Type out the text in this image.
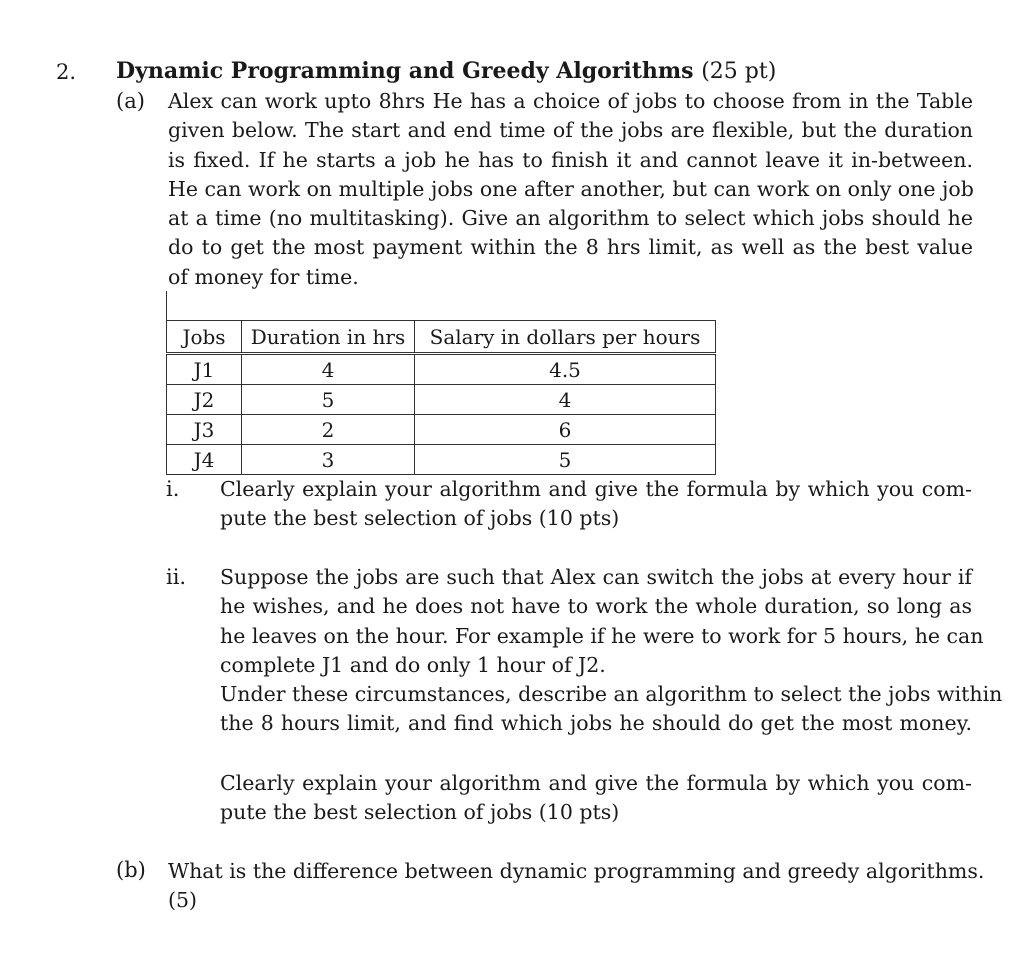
2. Dynamic Programming and Greedy Algorithms (25 pt)
(a) Alex can work upto 8hrs He has a choice of jobs to choose from in the Table
given below. The start and end time of the jobs are flexible, but the duration
is fixed. If he starts a job he has to finish it and cannot leave it in-between.
He can work on multiple jobs one after another, but can work on only one job
at a time (no multitasking). Give an algorithm to select which jobs should he
do to get the most payment within the 8 hrs limit, as well as the best value
of money for time.
Jobs	Duration in hrs	Salary in dollars per hours
J1	4	4.5
J2	5	4
J3	2	6
J4	3	5
i. Clearly explain your algorithm and give the formula by which you com-
pute the best selection of jobs (10 pts)
ii. Suppose the jobs are such that Alex can switch the jobs at every hour if
he wishes, and he does not have to work the whole duration, so long as
he leaves on the hour. For example if he were to work for 5 hours, he can
complete J1 and do only 1 hour of J2.
Under these circumstances, describe an algorithm to select the jobs within
the 8 hours limit, and find which jobs he should do get the most money.
Clearly explain your algorithm and give the formula by which you com-
pute the best selection of jobs (10 pts)
(b) What is the difference between dynamic programming and greedy algorithms.
(5)
